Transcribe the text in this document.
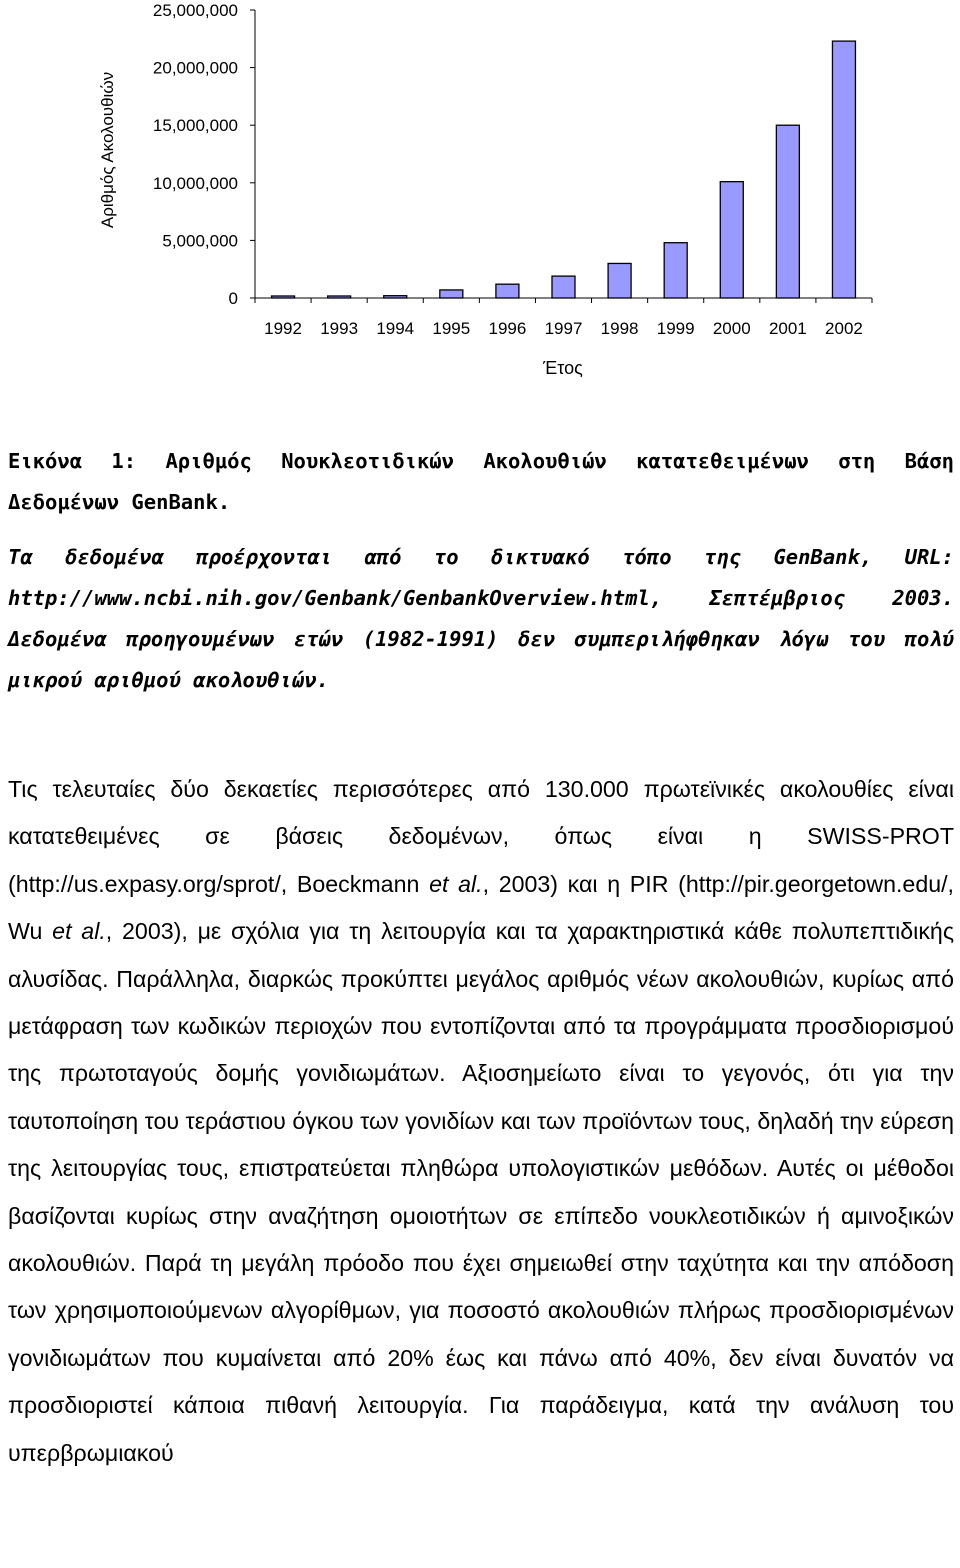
1992 1993 1994 1995 1996 1997 1998 1999 2000 2001 2002
0
5,000,000
10,000,000
15,000,000
20,000,000
25,000,000
Αριθμός Ακολουθιών
Έτος
Εικόνα 1: Αριθμός Νουκλεοτιδικών Ακολουθιών κατατεθειμένων στη Βάση Δεδομένων GenBank.
Τα δεδομένα προέρχονται από το δικτυακό τόπο της GenBank, URL: http://www.ncbi.nih.gov/Genbank/GenbankOverview.html, Σεπτέμβριος 2003. Δεδομένα προηγουμένων ετών (1982-1991) δεν συμπεριλήφθηκαν λόγω του πολύ μικρού αριθμού ακολουθιών.
Τις τελευταίες δύο δεκαετίες περισσότερες από 130.000 πρωτεϊνικές ακολουθίες είναι κατατεθειμένες σε βάσεις δεδομένων, όπως είναι η SWISS-PROT (http://us.expasy.org/sprot/, Boeckmann et al., 2003) και η PIR (http://pir.georgetown.edu/, Wu et al., 2003), με σχόλια για τη λειτουργία και τα χαρακτηριστικά κάθε πολυπεπτιδικής αλυσίδας. Παράλληλα, διαρκώς προκύπτει μεγάλος αριθμός νέων ακολουθιών, κυρίως από μετάφραση των κωδικών περιοχών που εντοπίζονται από τα προγράμματα προσδιορισμού της πρωτοταγούς δομής γονιδιωμάτων. Αξιοσημείωτο είναι το γεγονός, ότι για την ταυτοποίηση του τεράστιου όγκου των γονιδίων και των προϊόντων τους, δηλαδή την εύρεση της λειτουργίας τους, επιστρατεύεται πληθώρα υπολογιστικών μεθόδων. Αυτές οι μέθοδοι βασίζονται κυρίως στην αναζήτηση ομοιοτήτων σε επίπεδο νουκλεοτιδικών ή αμινοξικών ακολουθιών. Παρά τη μεγάλη πρόοδο που έχει σημειωθεί στην ταχύτητα και την απόδοση των χρησιμοποιούμενων αλγορίθμων, για ποσοστό ακολουθιών πλήρως προσδιορισμένων γονιδιωμάτων που κυμαίνεται από 20% έως και πάνω από 40%, δεν είναι δυνατόν να προσδιοριστεί κάποια πιθανή λειτουργία. Για παράδειγμα, κατά την ανάλυση του υπερβρωμιακού
